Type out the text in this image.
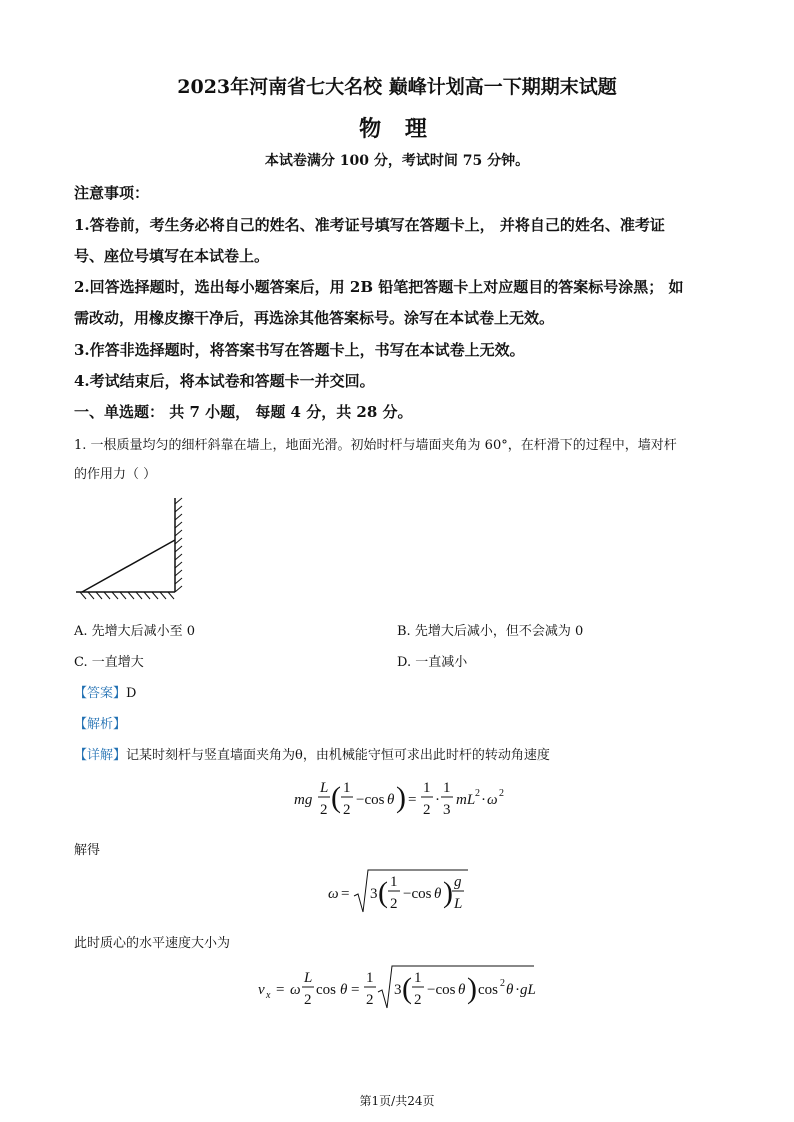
2023年河南省七大名校 巅峰计划高一下期期末试题
物 理
本试卷满分 100 分，考试时间 75 分钟。
注意事项：
1.答卷前，考生务必将自己的姓名、准考证号填写在答题卡上， 并将自己的姓名、准考证
号、座位号填写在本试卷上。
2.回答选择题时，选出每小题答案后，用 2B 铅笔把答题卡上对应题目的答案标号涂黑； 如
需改动，用橡皮擦干净后，再选涂其他答案标号。涂写在本试卷上无效。
3.作答非选择题时，将答案书写在答题卡上，书写在本试卷上无效。
4.考试结束后，将本试卷和答题卡一并交回。
一、单选题： 共 7 小题， 每题 4 分，共 28 分。
1. 一根质量均匀的细杆斜靠在墙上，地面光滑。初始时杆与墙面夹角为 60°，在杆滑下的过程中，墙对杆
的作用力（ ）
A. 先增大后减小至 0	B. 先增大后减小，但不会减为 0
C. 一直增大	D. 一直减小
【答案】D
【解析】
【详解】记某时刻杆与竖直墙面夹角为θ，由机械能守恒可求出此时杆的转动角速度
mg
L
2 ( 1
2
−cos θ ) =
1
2
·
1
3
mL 2 · ω 2
解得
ω = 3 ( 1
2
−cos θ ) g
L
此时质心的水平速度大小为
v x = ω
L
2
cos θ =
1
2
3 ( 1
2
−cos θ ) cos 2 θ · gL
第1页/共24页
